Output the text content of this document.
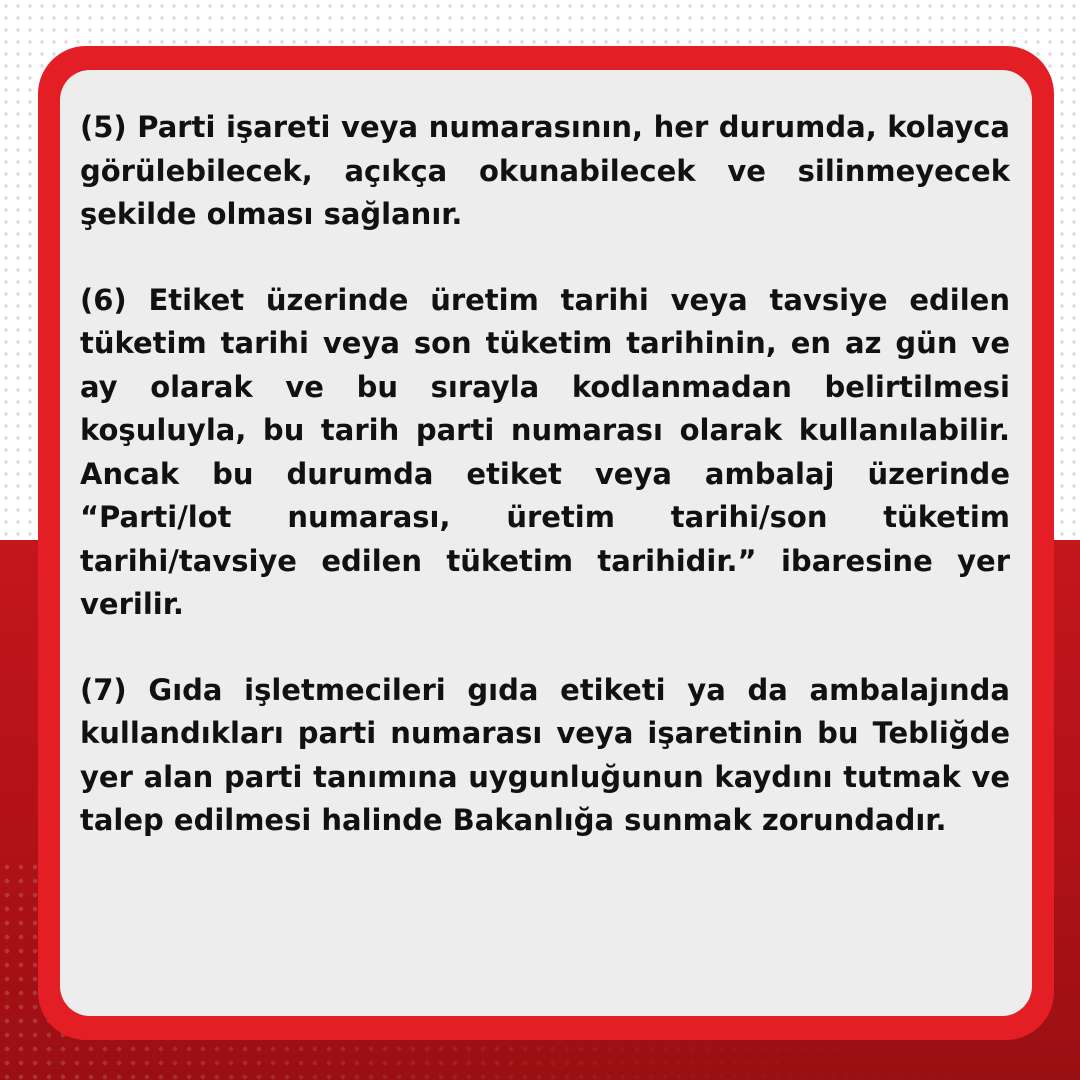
(5) Parti işareti veya numarasının, her durumda, kolayca görülebilecek, açıkça okunabilecek ve silinmeyecek şekilde olması sağlanır.

(6) Etiket üzerinde üretim tarihi veya tavsiye edilen tüketim tarihi veya son tüketim tarihinin, en az gün ve ay olarak ve bu sırayla kodlanmadan belirtilmesi koşuluyla, bu tarih parti numarası olarak kullanılabilir. Ancak bu durumda etiket veya ambalaj üzerinde “Parti/lot numarası, üretim tarihi/son tüketim tarihi/tavsiye edilen tüketim tarihidir.” ibaresine yer verilir.

(7) Gıda işletmecileri gıda etiketi ya da ambalajında kullandıkları parti numarası veya işaretinin bu Tebliğde yer alan parti tanımına uygunluğunun kaydını tutmak ve talep edilmesi halinde Bakanlığa sunmak zorundadır.
